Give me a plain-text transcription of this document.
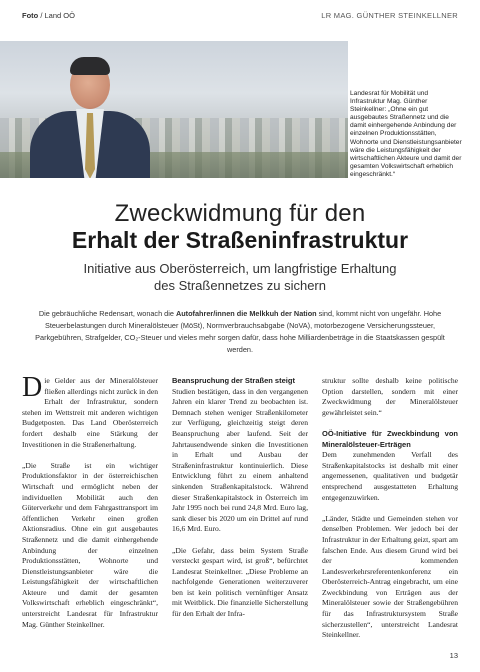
Foto / Land OÖ	LR MAG. GÜNTHER STEINKELLNER
Landesrat für Mobilität und Infrastruktur Mag. Günther Steinkellner: „Ohne ein gut ausgebautes Straßennetz und die damit einhergehende Anbindung der einzelnen Produktionsstätten, Wohnorte und Dienstleistungsanbieter wäre die Leistungsfähigkeit der wirtschaftlichen Akteure und damit der gesamten Volkswirtschaft erheblich eingeschränkt.“
Zweckwidmung für den
Erhalt der Straßeninfrastruktur
Initiative aus Oberösterreich, um langfristige Erhaltung
des Straßennetzes zu sichern

Die gebräuchliche Redensart, wonach die Autofahrer/innen die Melkkuh der Nation sind, kommt nicht von ungefähr. Hohe Steuerbelastungen durch Mineralölsteuer (MöSt), Normverbrauchsabgabe (NoVA), motorbezogene Versicherungssteuer, Parkgebühren, Strafgelder, CO₂-Steuer und vieles mehr sorgen dafür, dass hohe Milliardenbeträge in die Staatskassen gespült werden.

Die Gelder aus der Mineralölsteuer fließen allerdings nicht zurück in den Erhalt der Infrastruktur, sondern stehen im Wettstreit mit anderen wichtigen Budgetposten. Das Land Oberösterreich fordert deshalb eine Stärkung der Investitionen in die Straßenerhaltung.

„Die Straße ist ein wichtiger Produktionsfaktor in der österreichischen Wirtschaft und ermöglicht neben der individuellen Mobilität auch den Güterverkehr und dem Fahrgasttransport im öffentlichen Verkehr einen großen Aktionsradius. Ohne ein gut ausgebautes Straßennetz und die damit einhergehende Anbindung der einzelnen Produktionsstätten, Wohnorte und Dienstleistungsanbieter wäre die Leistungsfähigkeit der wirtschaftlichen Akteure und damit der gesamten Volkswirtschaft erheblich eingeschränkt“, unterstreicht Landesrat für Infrastruktur Mag. Günther Steinkellner.

Beanspruchung der Straßen steigt

Studien bestätigen, dass in den vergangenen Jahren ein klarer Trend zu beobachten ist. Demnach stehen weniger Straßenkilometer zur Verfügung, gleichzeitig steigt deren Beanspruchung aber laufend. Seit der Jahrtausendwende sinken die Investitionen in Erhalt und Ausbau der Straßeninfrastruktur kontinuierlich. Diese Entwicklung führt zu einem anhaltend sinkenden Straßenkapitalstock. Während dieser Straßenkapitalstock in Österreich im Jahr 1995 noch bei rund 24,8 Mrd. Euro lag, sank dieser bis 2020 um ein Drittel auf rund 16,6 Mrd. Euro.

„Die Gefahr, dass beim System Straße versteckt gespart wird, ist groß“, befürchtet Landesrat Steinkellner. „Diese Probleme an nachfolgende Generationen weiterzuverer ben ist kein politisch vernünftiger Ansatz mit Weitblick. Die finanzielle Sicherstellung für den Erhalt der Infra-

struktur sollte deshalb keine politische Option darstellen, sondern mit einer Zweckwidmung der Mineralölsteuer gewährleistet sein.“

OÖ-Initiative für Zweckbindung von Mineralölsteuer-Erträgen

Dem zunehmenden Verfall des Straßenkapitalstocks ist deshalb mit einer angemessenen, qualitativen und budgetär entsprechend ausgestatteten Erhaltung entgegenzuwirken.

„Länder, Städte und Gemeinden stehen vor denselben Problemen. Wer jedoch bei der Infrastruktur in der Erhaltung geizt, spart am falschen Ende. Aus diesem Grund wird bei der kommenden Landesverkehrsreferentenkonferenz ein Oberösterreich-Antrag eingebracht, um eine Zweckbindung von Erträgen aus der Mineralölsteuer sowie der Straßengebühren für das Infrastruktursystem Straße sicherzustellen“, unterstreicht Landesrat Steinkellner.

13
